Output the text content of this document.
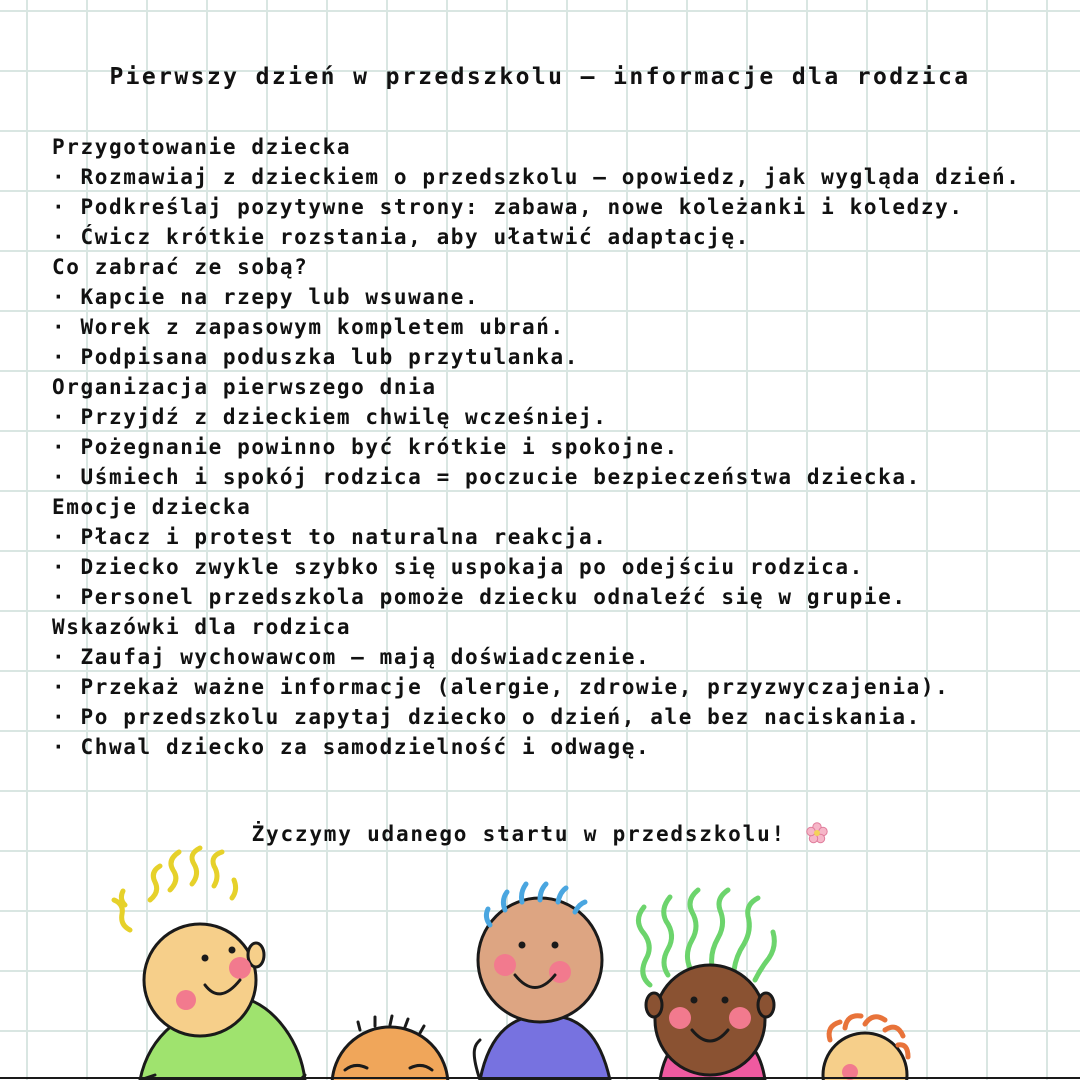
Pierwszy dzień w przedszkolu – informacje dla rodzica

Przygotowanie dziecka

· Rozmawiaj z dzieckiem o przedszkolu – opowiedz, jak wygląda dzień.

· Podkreślaj pozytywne strony: zabawa, nowe koleżanki i koledzy.

· Ćwicz krótkie rozstania, aby ułatwić adaptację.

Co zabrać ze sobą?

· Kapcie na rzepy lub wsuwane.

· Worek z zapasowym kompletem ubrań.

· Podpisana poduszka lub przytulanka.

Organizacja pierwszego dnia

· Przyjdź z dzieckiem chwilę wcześniej.

· Pożegnanie powinno być krótkie i spokojne.

· Uśmiech i spokój rodzica = poczucie bezpieczeństwa dziecka.

Emocje dziecka

· Płacz i protest to naturalna reakcja.

· Dziecko zwykle szybko się uspokaja po odejściu rodzica.

· Personel przedszkola pomoże dziecku odnaleźć się w grupie.

Wskazówki dla rodzica

· Zaufaj wychowawcom – mają doświadczenie.

· Przekaż ważne informacje (alergie, zdrowie, przyzwyczajenia).

· Po przedszkolu zapytaj dziecko o dzień, ale bez naciskania.

· Chwal dziecko za samodzielność i odwagę.

Życzymy udanego startu w przedszkolu!
